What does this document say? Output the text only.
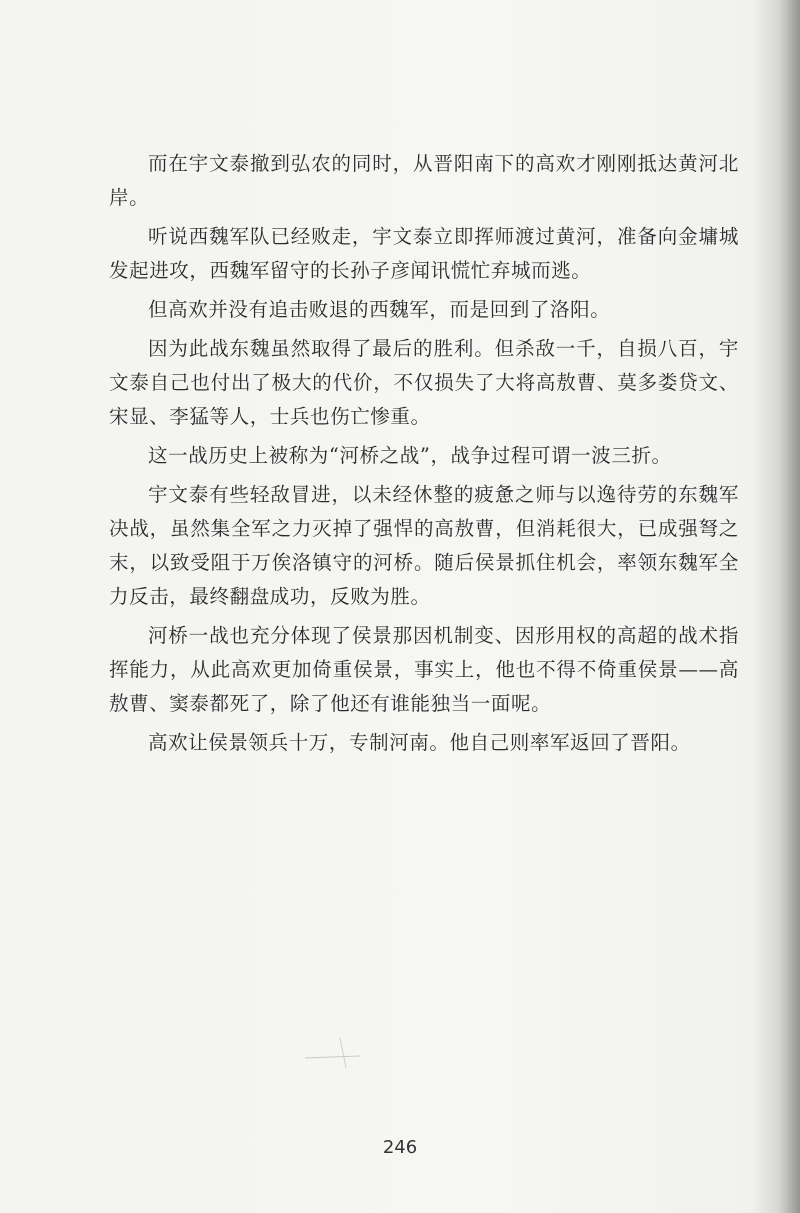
而在宇文泰撤到弘农的同时，从晋阳南下的高欢才刚刚抵达黄河北岸。

听说西魏军队已经败走，宇文泰立即挥师渡过黄河，准备向金墉城发起进攻，西魏军留守的长孙子彦闻讯慌忙弃城而逃。

但高欢并没有追击败退的西魏军，而是回到了洛阳。

因为此战东魏虽然取得了最后的胜利。但杀敌一千，自损八百，宇文泰自己也付出了极大的代价，不仅损失了大将高敖曹、莫多娄贷文、宋显、李猛等人，士兵也伤亡惨重。

这一战历史上被称为“河桥之战”，战争过程可谓一波三折。

宇文泰有些轻敌冒进，以未经休整的疲惫之师与以逸待劳的东魏军决战，虽然集全军之力灭掉了强悍的高敖曹，但消耗很大，已成强弩之末，以致受阻于万俟洛镇守的河桥。随后侯景抓住机会，率领东魏军全力反击，最终翻盘成功，反败为胜。

河桥一战也充分体现了侯景那因机制变、因形用权的高超的战术指挥能力，从此高欢更加倚重侯景，事实上，他也不得不倚重侯景——高敖曹、窦泰都死了，除了他还有谁能独当一面呢。

高欢让侯景领兵十万，专制河南。他自己则率军返回了晋阳。

246
